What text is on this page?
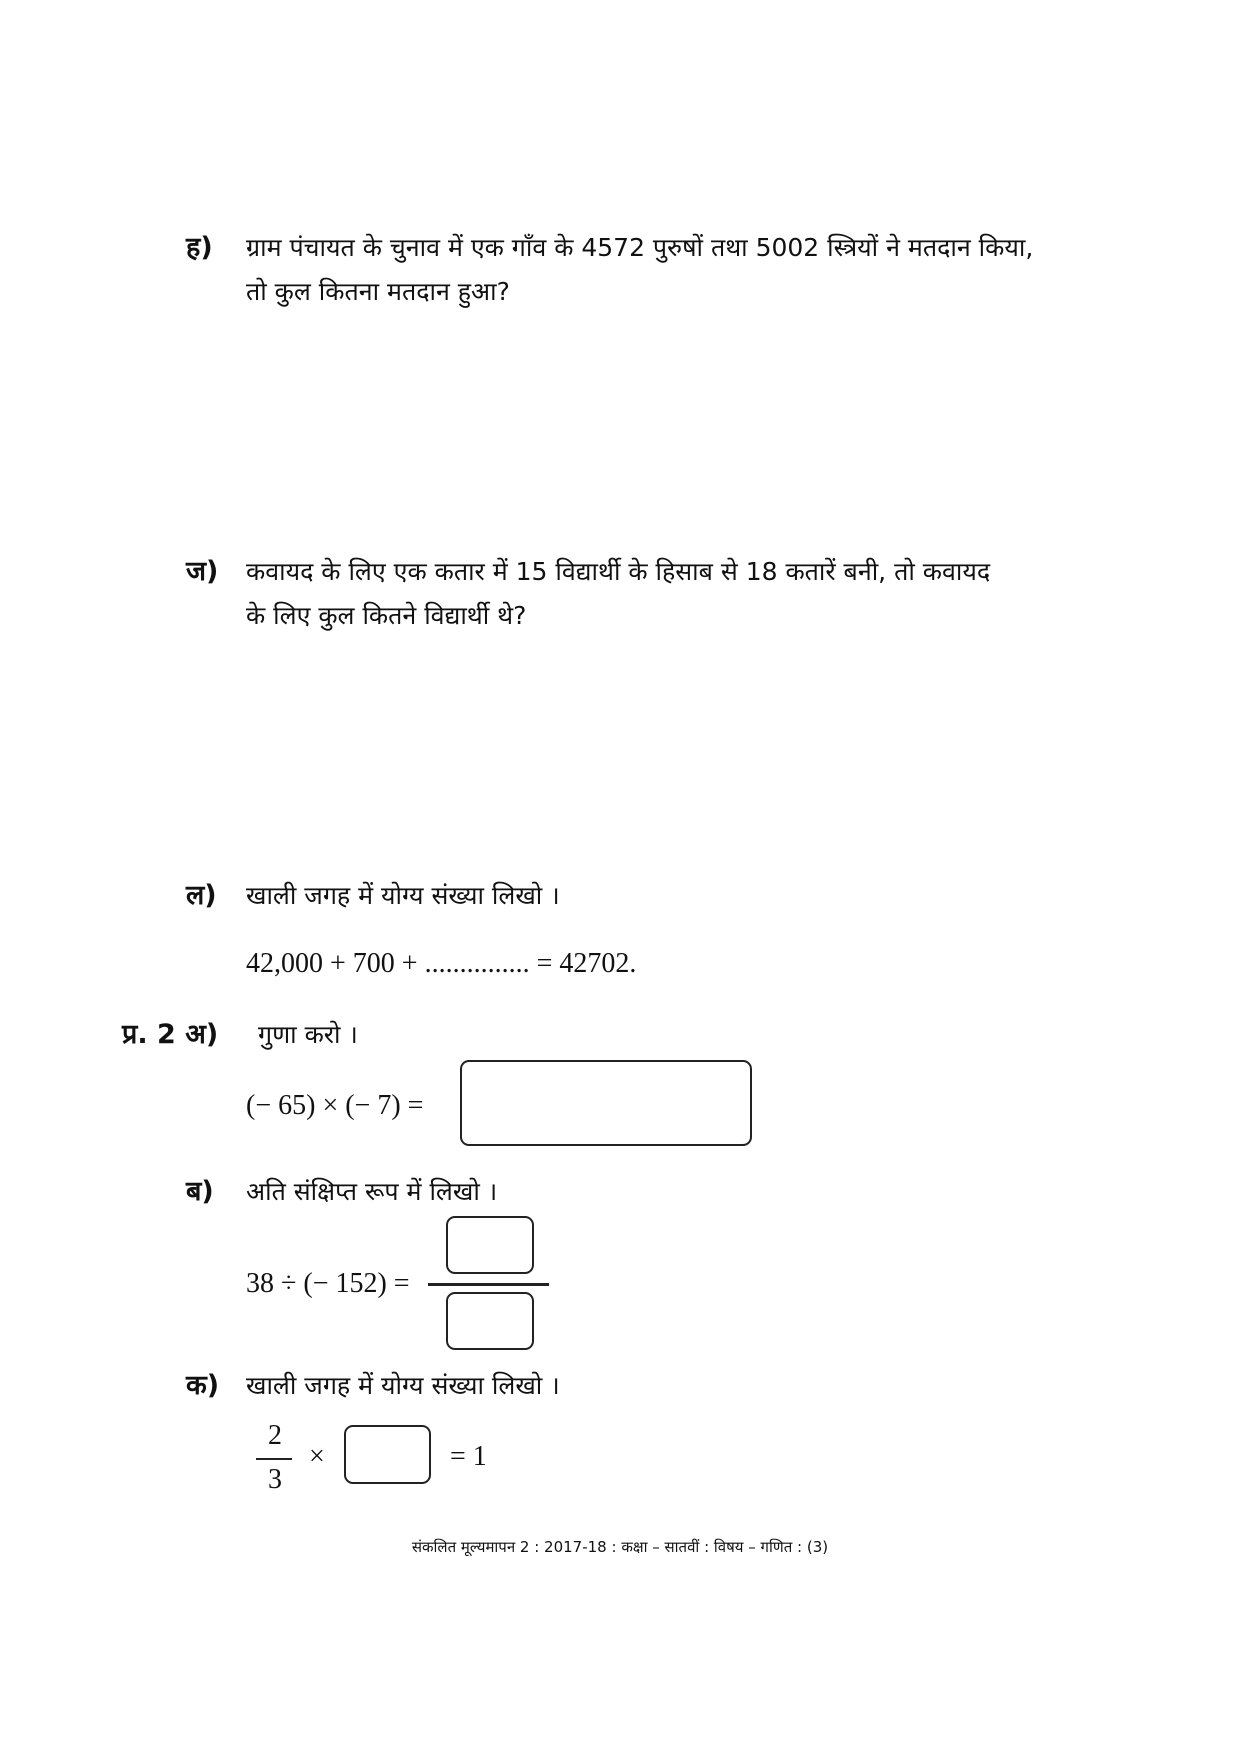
ह) ग्राम पंचायत के चुनाव में एक गाँव के 4572 पुरुषों तथा 5002 स्त्रियों ने मतदान किया,
तो कुल कितना मतदान हुआ?
ज) कवायद के लिए एक कतार में 15 विद्यार्थी के हिसाब से 18 कतारें बनी, तो कवायद
के लिए कुल कितने विद्यार्थी थे?
ल) खाली जगह में योग्य संख्या लिखो ।
42,000 + 700 + ............... = 42702.
प्र. 2 अ) गुणा करो ।
(− 65) × (− 7) =
ब) अति संक्षिप्त रूप में लिखो ।
38 ÷ (− 152) =
क) खाली जगह में योग्य संख्या लिखो ।
2
3
×	= 1
संकलित मूल्यमापन 2 : 2017-18 : कक्षा – सातवीं : विषय – गणित : (3)
